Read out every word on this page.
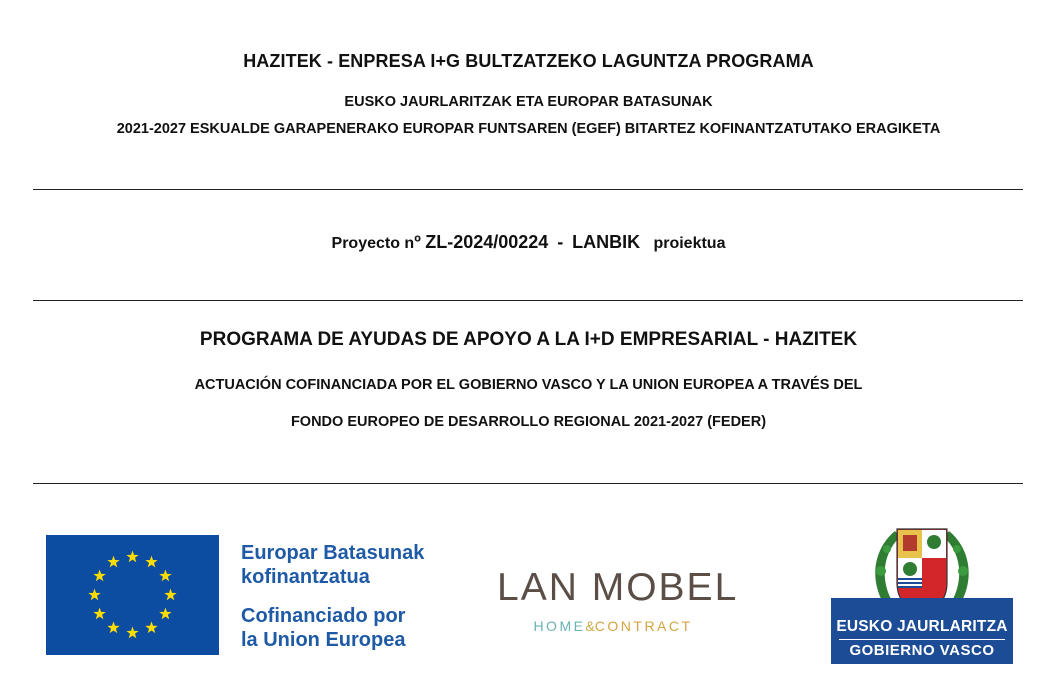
HAZITEK - ENPRESA I+G BULTZATZEKO LAGUNTZA PROGRAMA
EUSKO JAURLARITZAK ETA EUROPAR BATASUNAK
2021-2027 ESKUALDE GARAPENERAKO EUROPAR FUNTSAREN (EGEF) BITARTEZ KOFINANTZATUTAKO ERAGIKETA
Proyecto nº ZL-2024/00224 - LANBIK proiektua
PROGRAMA DE AYUDAS DE APOYO A LA I+D EMPRESARIAL - HAZITEK
ACTUACIÓN COFINANCIADA POR EL GOBIERNO VASCO Y LA UNION EUROPEA A TRAVÉS DEL
FONDO EUROPEO DE DESARROLLO REGIONAL 2021-2027 (FEDER)
Europar Batasunak
kofinantzatua
Cofinanciado por
la Union Europea
LAN MOBEL
HOME&CONTRACT	EUSKO JAURLARITZA
GOBIERNO VASCO
